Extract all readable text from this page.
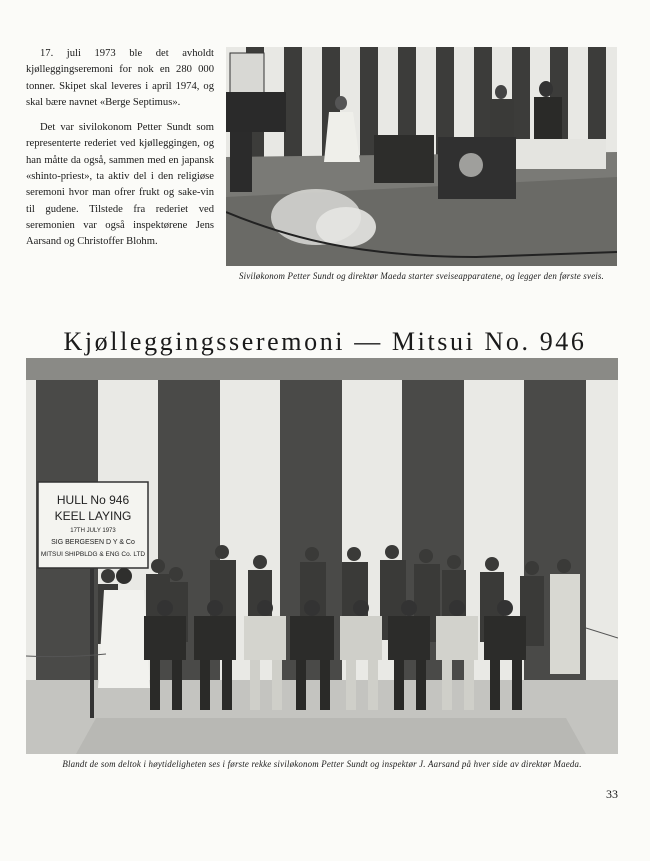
17. juli 1973 ble det avholdt kjølleggingseremoni for nok en 280 000 tonner. Skipet skal leveres i april 1974, og skal bære navnet «Berge Septimus».

Det var sivilokonom Petter Sundt som representerte rederiet ved kjølleggingen, og han måtte da også, sammen med en japansk «shinto-priest», ta aktiv del i den religiøse seremoni hvor man ofrer frukt og sake-vin til gudene. Tilstede fra rederiet ved seremonien var også inspektørene Jens Aarsand og Christoffer Blohm.

Siviløkonom Petter Sundt og direktør Maeda starter sveiseapparatene, og legger den første sveis.
Kjølleggingsseremoni — Mitsui No. 946
HULL No 946
KEEL LAYING
17TH JULY 1973
SIG BERGESEN D Y & Co
MITSUI SHIPBLDG & ENG Co. LTD
Blandt de som deltok i høytideligheten ses i første rekke siviløkonom Petter Sundt og inspektør J. Aarsand på hver side av direktør Maeda.
33
